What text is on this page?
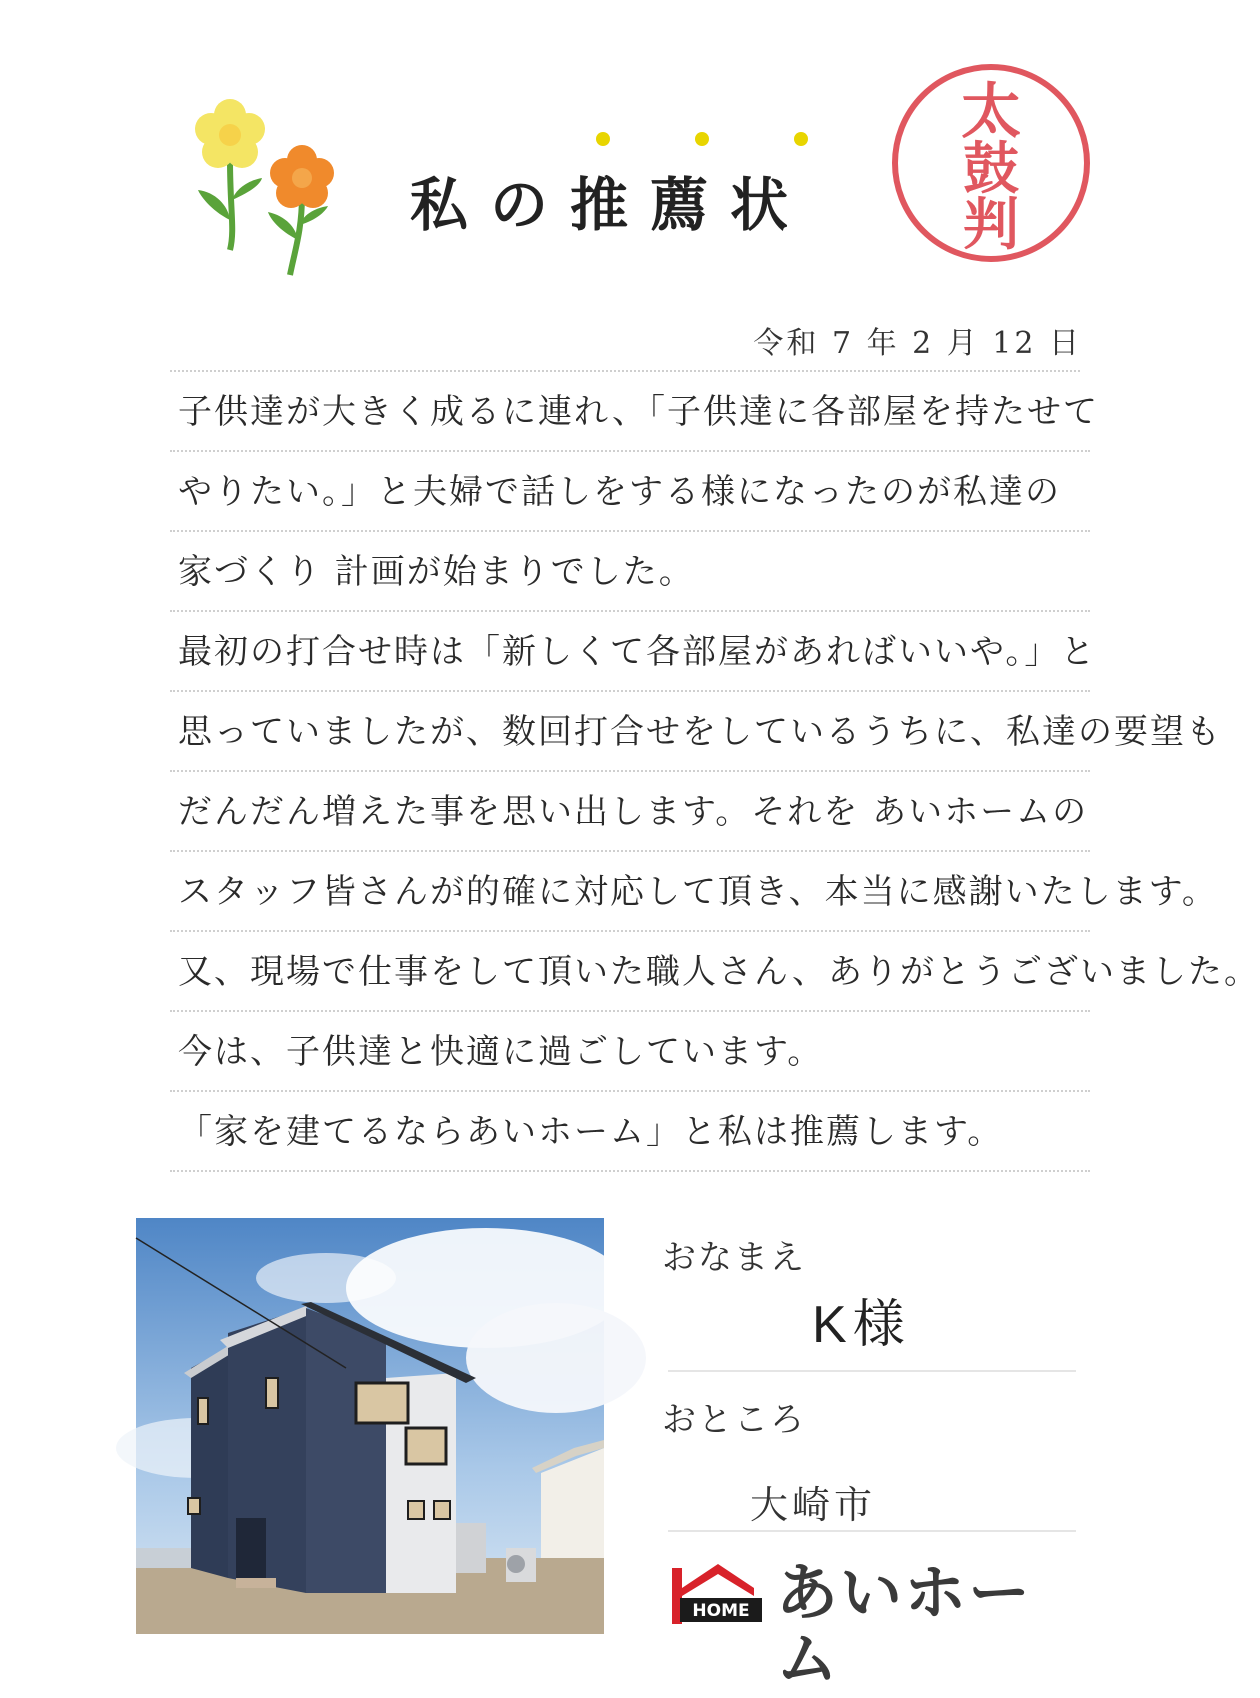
私の推薦状
太
鼓
判
令和 7 年 2 月 12 日
子供達が大きく成るに連れ、「子供達に各部屋を持たせて
やりたい。」と夫婦で話しをする様になったのが私達の
家づくり 計画が始まりでした。
最初の打合せ時は「新しくて各部屋があればいいや。」と
思っていましたが、数回打合せをしているうちに、私達の要望も
だんだん増えた事を思い出します。それを あいホームの
スタッフ皆さんが的確に対応して頂き、本当に感謝いたします。
又、現場で仕事をして頂いた職人さん、ありがとうございました。
今は、子供達と快適に過ごしています。
「家を建てるならあいホーム」と私は推薦します。
おなまえ
K様
おところ
大崎市
HOME あいホーム
